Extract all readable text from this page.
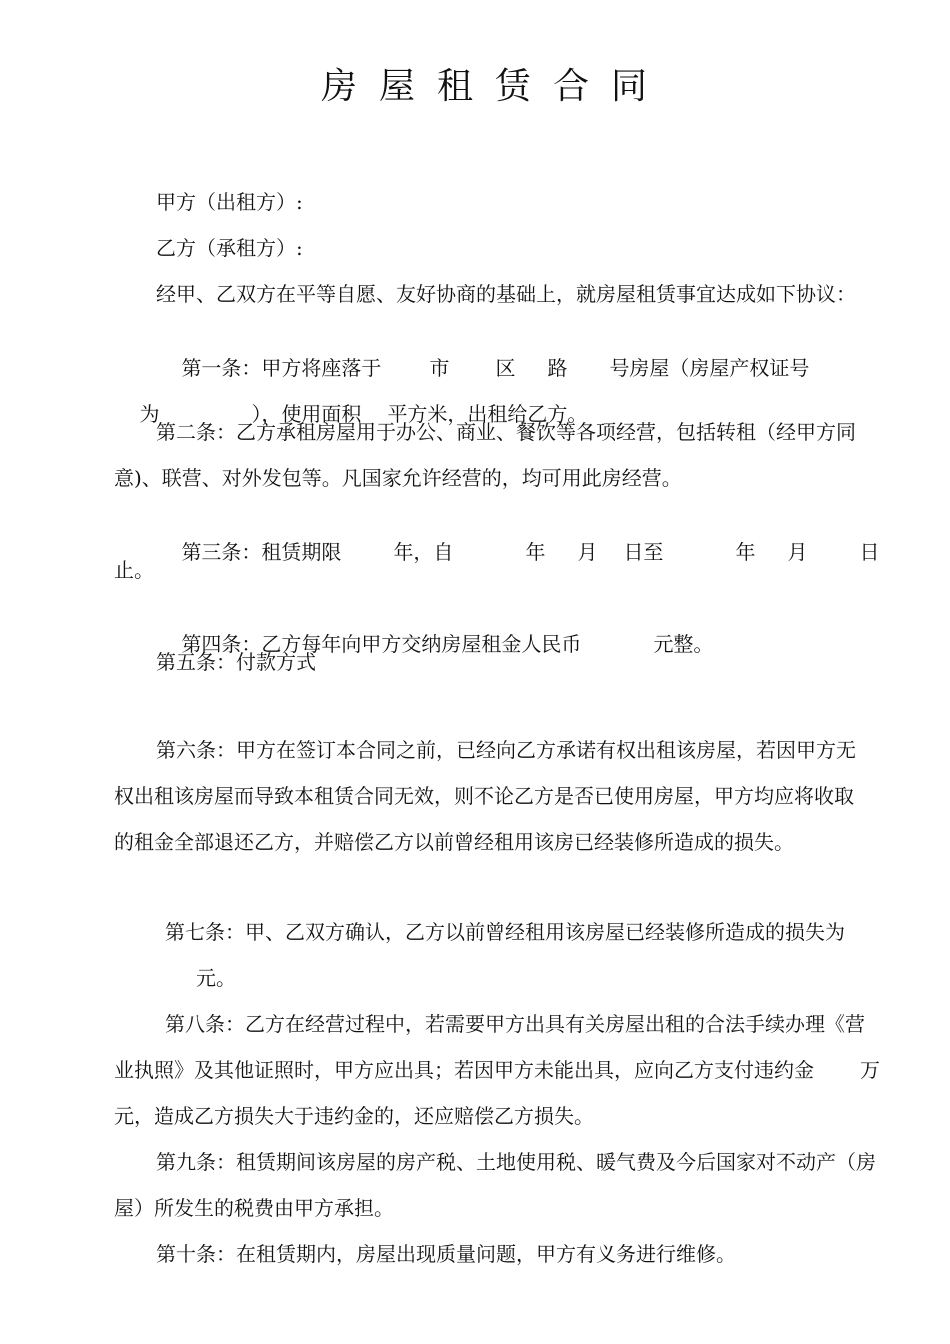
房屋租赁合同
甲方（出租方）:
乙方（承租方）:
经甲、乙双方在平等自愿、友好协商的基础上，就房屋租赁事宜达成如下协议：

第一条：甲方将座落于 市 区 路 号房屋（房屋产权证号

为	），使用面积 平方米，出租给乙方。

第二条：乙方承租房屋用于办公、商业、餐饮等各项经营，包括转租（经甲方同
意)、联营、对外发包等。凡国家允许经营的，均可用此房经营。

第三条：租赁期限	年，自	年 月 日至	年 月	日

止。

第四条：乙方每年向甲方交纳房屋租金人民币	元整。

第五条：付款方式
第六条：甲方在签订本合同之前，已经向乙方承诺有权出租该房屋，若因甲方无
权出租该房屋而导致本租赁合同无效，则不论乙方是否已使用房屋，甲方均应将收取
的租金全部退还乙方，并赔偿乙方以前曾经租用该房已经装修所造成的损失。
第七条：甲、乙双方确认，乙方以前曾经租用该房屋已经装修所造成的损失为
元。
第八条：乙方在经营过程中，若需要甲方出具有关房屋出租的合法手续办理《营
业执照》及其他证照时，甲方应出具；若因甲方未能出具，应向乙方支付违约金 万
元，造成乙方损失大于违约金的，还应赔偿乙方损失。
第九条：租赁期间该房屋的房产税、土地使用税、暖气费及今后国家对不动产（房
屋）所发生的税费由甲方承担。
第十条：在租赁期内，房屋出现质量问题，甲方有义务进行维修。
